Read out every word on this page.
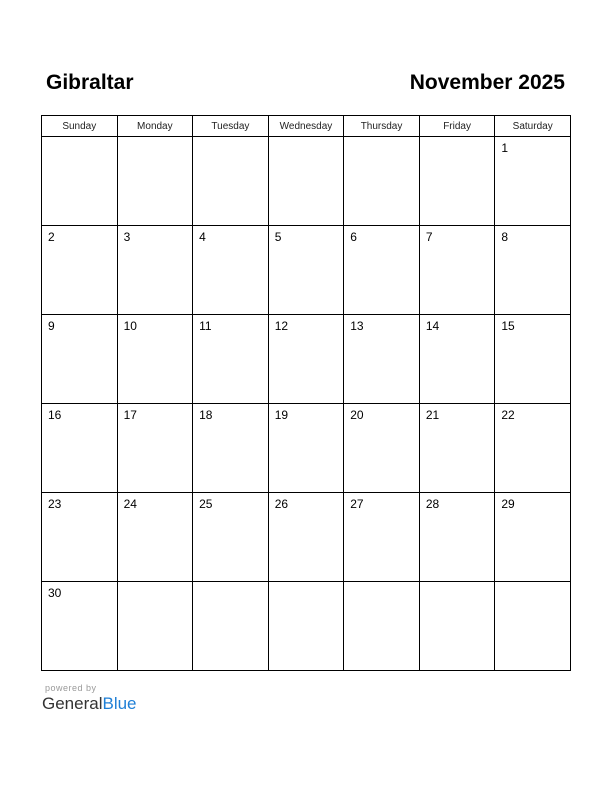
Gibraltar	November 2025
Sunday	Monday	Tuesday	Wednesday	Thursday	Friday	Saturday

						1

2	3	4	5	6	7	8

9	10	11	12	13	14	15

16	17	18	19	20	21	22

23	24	25	26	27	28	29

30						

powered by
GeneralBlue
